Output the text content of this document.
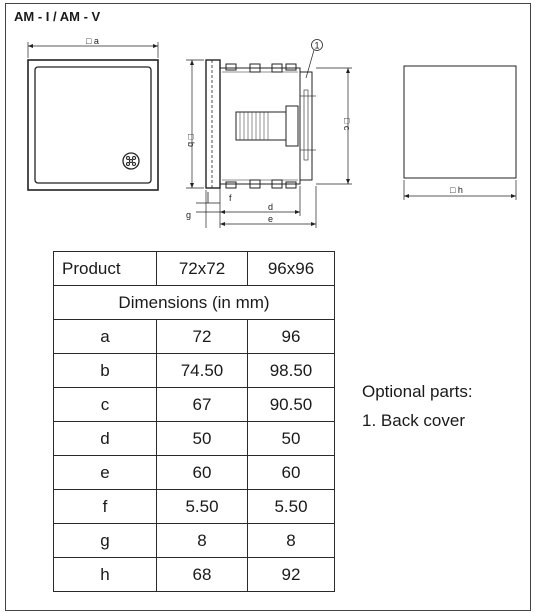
AM - I / AM - V
□ a
□ b
□ c
d
e
f
g
□ h
1
Product	72x72	96x96
Dimensions (in mm)		
a	72	96
b	74.50	98.50
c	67	90.50
d	50	50
e	60	60
f	5.50	5.50
g	8	8
h	68	92
Optional parts:
1. Back cover
